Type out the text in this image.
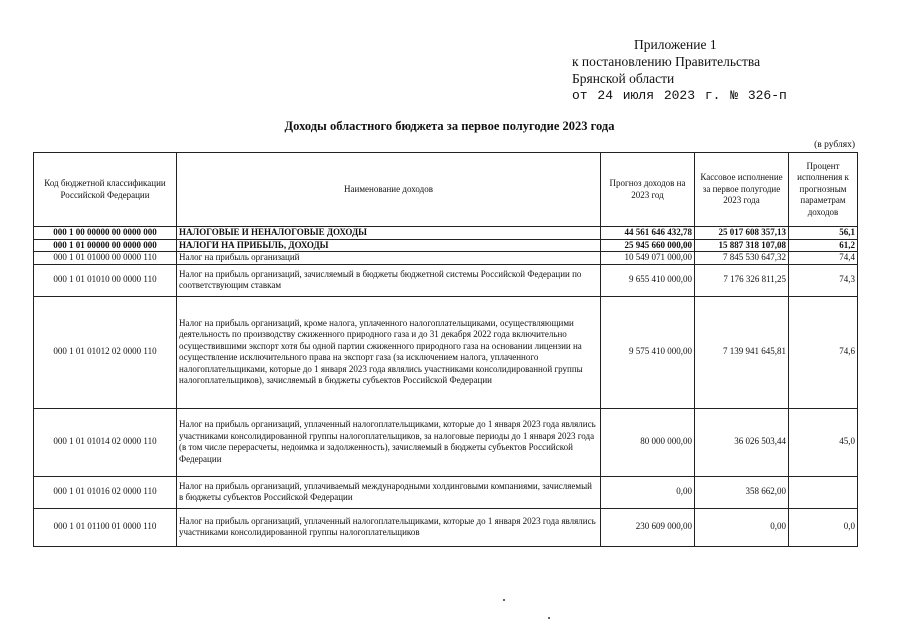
Приложение 1
к постановлению Правительства
Брянской области
от 24 июля 2023 г. № 326-п
Доходы областного бюджета за первое полугодие 2023 года
(в рублях)
Код бюджетной классификации Российской Федерации	Наименование доходов	Прогноз доходов на 2023 год	Кассовое исполнение за первое полугодие 2023 года	Процент исполнения к прогнозным параметрам доходов
000 1 00 00000 00 0000 000	НАЛОГОВЫЕ И НЕНАЛОГОВЫЕ ДОХОДЫ	44 561 646 432,78	25 017 608 357,13	56,1
000 1 01 00000 00 0000 000	НАЛОГИ НА ПРИБЫЛЬ, ДОХОДЫ	25 945 660 000,00	15 887 318 107,08	61,2
000 1 01 01000 00 0000 110	Налог на прибыль организаций	10 549 071 000,00	7 845 530 647,32	74,4
000 1 01 01010 00 0000 110	Налог на прибыль организаций, зачисляемый в бюджеты бюджетной системы Российской Федерации по соответствующим ставкам	9 655 410 000,00	7 176 326 811,25	74,3
000 1 01 01012 02 0000 110	Налог на прибыль организаций, кроме налога, уплаченного налогоплательщиками, осуществляющими деятельность по производству сжиженного природного газа и до 31 декабря 2022 года включительно осуществившими экспорт хотя бы одной партии сжиженного природного газа на основании лицензии на осуществление исключительного права на экспорт газа (за исключением налога, уплаченного налогоплательщиками, которые до 1 января 2023 года являлись участниками консолидированной группы налогоплательщиков), зачисляемый в бюджеты субъектов Российской Федерации	9 575 410 000,00	7 139 941 645,81	74,6
000 1 01 01014 02 0000 110	Налог на прибыль организаций, уплаченный налогоплательщиками, которые до 1 января 2023 года являлись участниками консолидированной группы налогоплательщиков, за налоговые периоды до 1 января 2023 года (в том числе перерасчеты, недоимка и задолженность), зачисляемый в бюджеты субъектов Российской Федерации	80 000 000,00	36 026 503,44	45,0
000 1 01 01016 02 0000 110	Налог на прибыль организаций, уплачиваемый международными холдинговыми компаниями, зачисляемый в бюджеты субъектов Российской Федерации	0,00	358 662,00	
000 1 01 01100 01 0000 110	Налог на прибыль организаций, уплаченный налогоплательщиками, которые до 1 января 2023 года являлись участниками консолидированной группы налогоплательщиков	230 609 000,00	0,00	0,0
